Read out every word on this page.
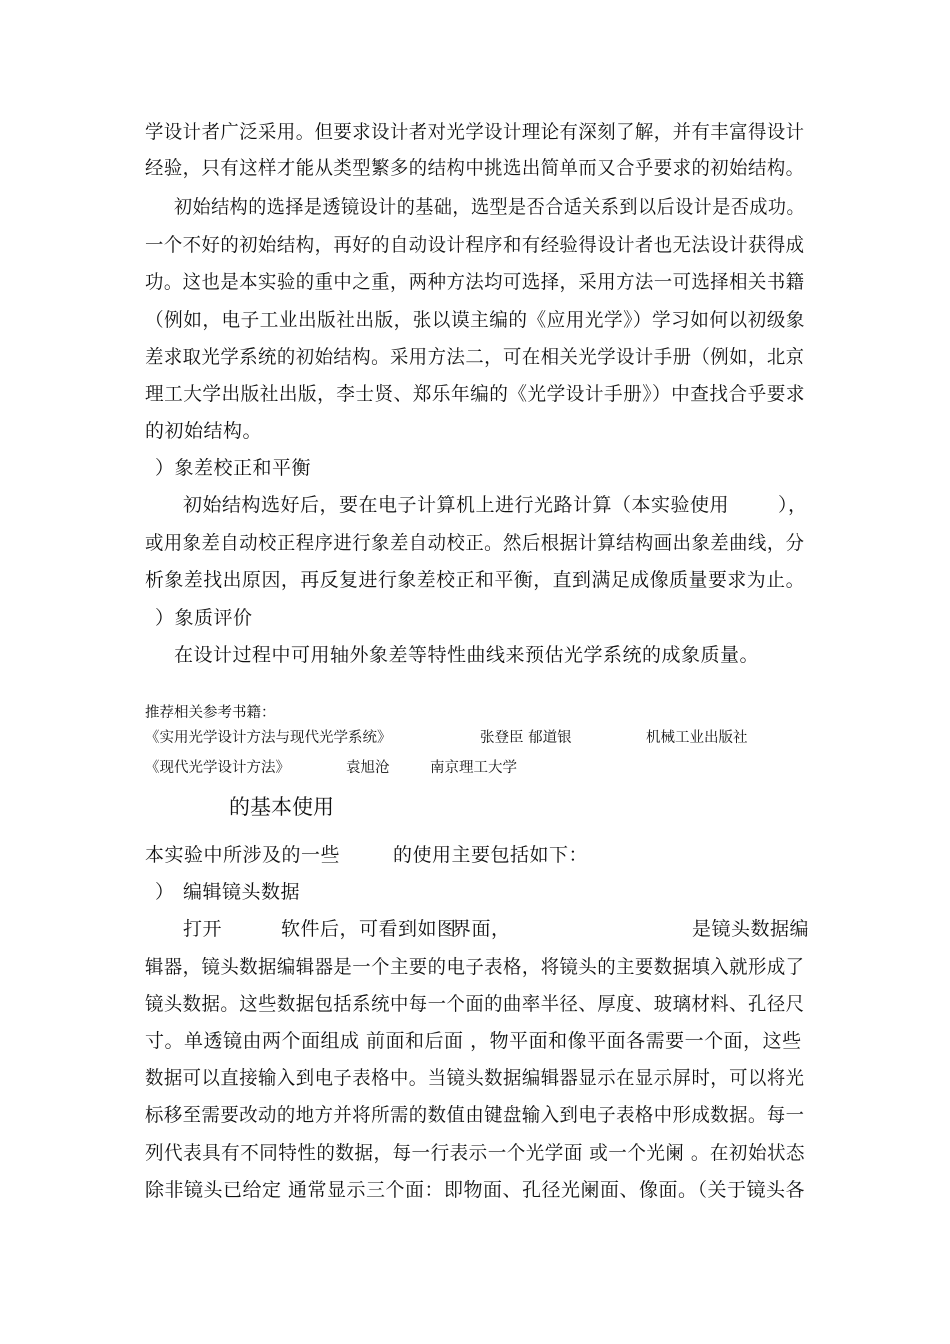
学设计者广泛采用。但要求设计者对光学设计理论有深刻了解，并有丰富得设计
经验，只有这样才能从类型繁多的结构中挑选出简单而又合乎要求的初始结构。
初始结构的选择是透镜设计的基础，选型是否合适关系到以后设计是否成功。
一个不好的初始结构，再好的自动设计程序和有经验得设计者也无法设计获得成
功。这也是本实验的重中之重，两种方法均可选择，采用方法一可选择相关书籍
（例如，电子工业出版社出版，张以谟主编的《应用光学》）学习如何以初级象
差求取光学系统的初始结构。采用方法二，可在相关光学设计手册（例如，北京
理工大学出版社出版，李士贤、郑乐年编的《光学设计手册》）中查找合乎要求
的初始结构。
）象差校正和平衡
初始结构选好后，要在电子计算机上进行光路计算（本实验使用	），
或用象差自动校正程序进行象差自动校正。然后根据计算结构画出象差曲线，分
析象差找出原因，再反复进行象差校正和平衡，直到满足成像质量要求为止。
）象质评价
在设计过程中可用轴外象差等特性曲线来预估光学系统的成象质量。
推荐相关参考书籍：
《实用光学设计方法与现代光学系统》	张登臣 郁道银	机械工业出版社
《现代光学设计方法》	袁旭沧	南京理工大学
的基本使用
本实验中所涉及的一些	的使用主要包括如下：
） 编辑镜头数据
打开	软件后，可看到如图
界面，	是镜头数据编
辑器，镜头数据编辑器是一个主要的电子表格，将镜头的主要数据填入就形成了
镜头数据。这些数据包括系统中每一个面的曲率半径、厚度、玻璃材料、孔径尺
寸。单透镜由两个面组成 前面和后面 ，物平面和像平面各需要一个面，这些
数据可以直接输入到电子表格中。当镜头数据编辑器显示在显示屏时，可以将光
标移至需要改动的地方并将所需的数值由键盘输入到电子表格中形成数据。每一
列代表具有不同特性的数据，每一行表示一个光学面 或一个光阑 。在初始状态
除非镜头已给定 通常显示三个面：即物面、孔径光阑面、像面。（关于镜头各
